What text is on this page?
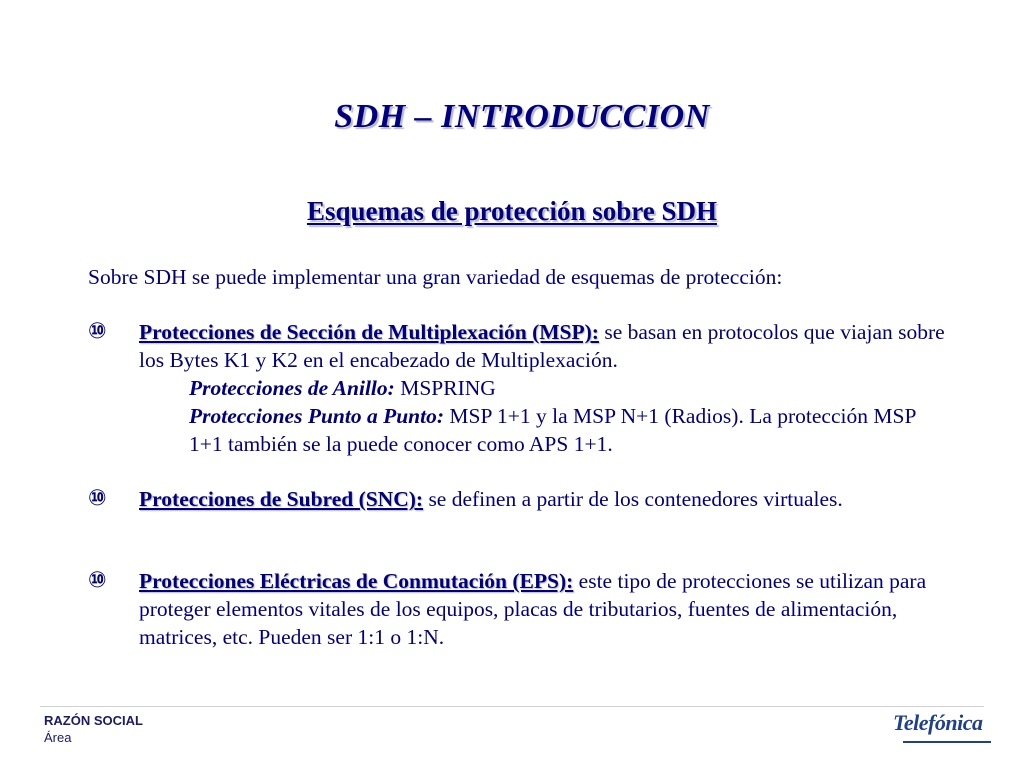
SDH – INTRODUCCION
Esquemas de protección sobre SDH
Sobre SDH se puede implementar una gran variedad de esquemas de protección:
⑩ Protecciones de Sección de Multiplexación (MSP): se basan en protocolos que viajan sobre los Bytes K1 y K2 en el encabezado de Multiplexación.
Protecciones de Anillo: MSPRING
Protecciones Punto a Punto: MSP 1+1 y la MSP N+1 (Radios). La protección MSP 1+1 también se la puede conocer como APS 1+1.
⑩ Protecciones de Subred (SNC): se definen a partir de los contenedores virtuales.
⑩ Protecciones Eléctricas de Conmutación (EPS): este tipo de protecciones se utilizan para proteger elementos vitales de los equipos, placas de tributarios, fuentes de alimentación, matrices, etc. Pueden ser 1:1 o 1:N.
RAZÓN SOCIAL
Área
Telefónica
